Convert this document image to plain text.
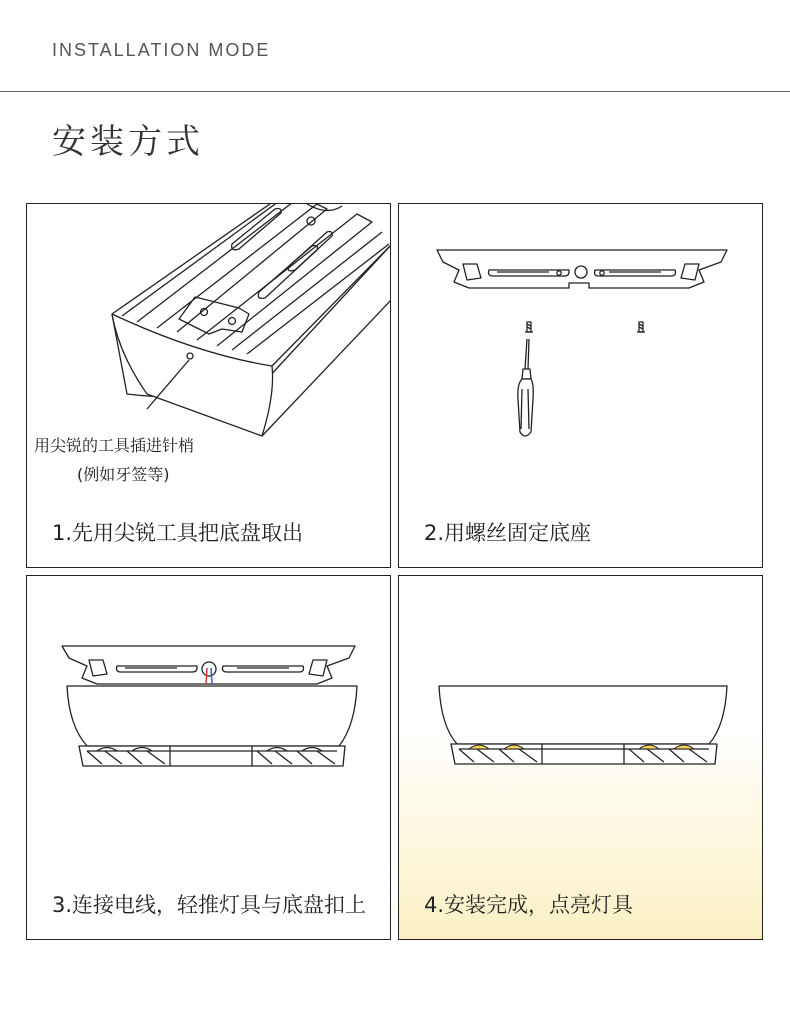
INSTALLATION MODE
安装方式
用尖锐的工具插进针梢
(例如牙签等)
1.先用尖锐工具把底盘取出	2.用螺丝固定底座
3.连接电线，轻推灯具与底盘扣上	4.安装完成，点亮灯具
